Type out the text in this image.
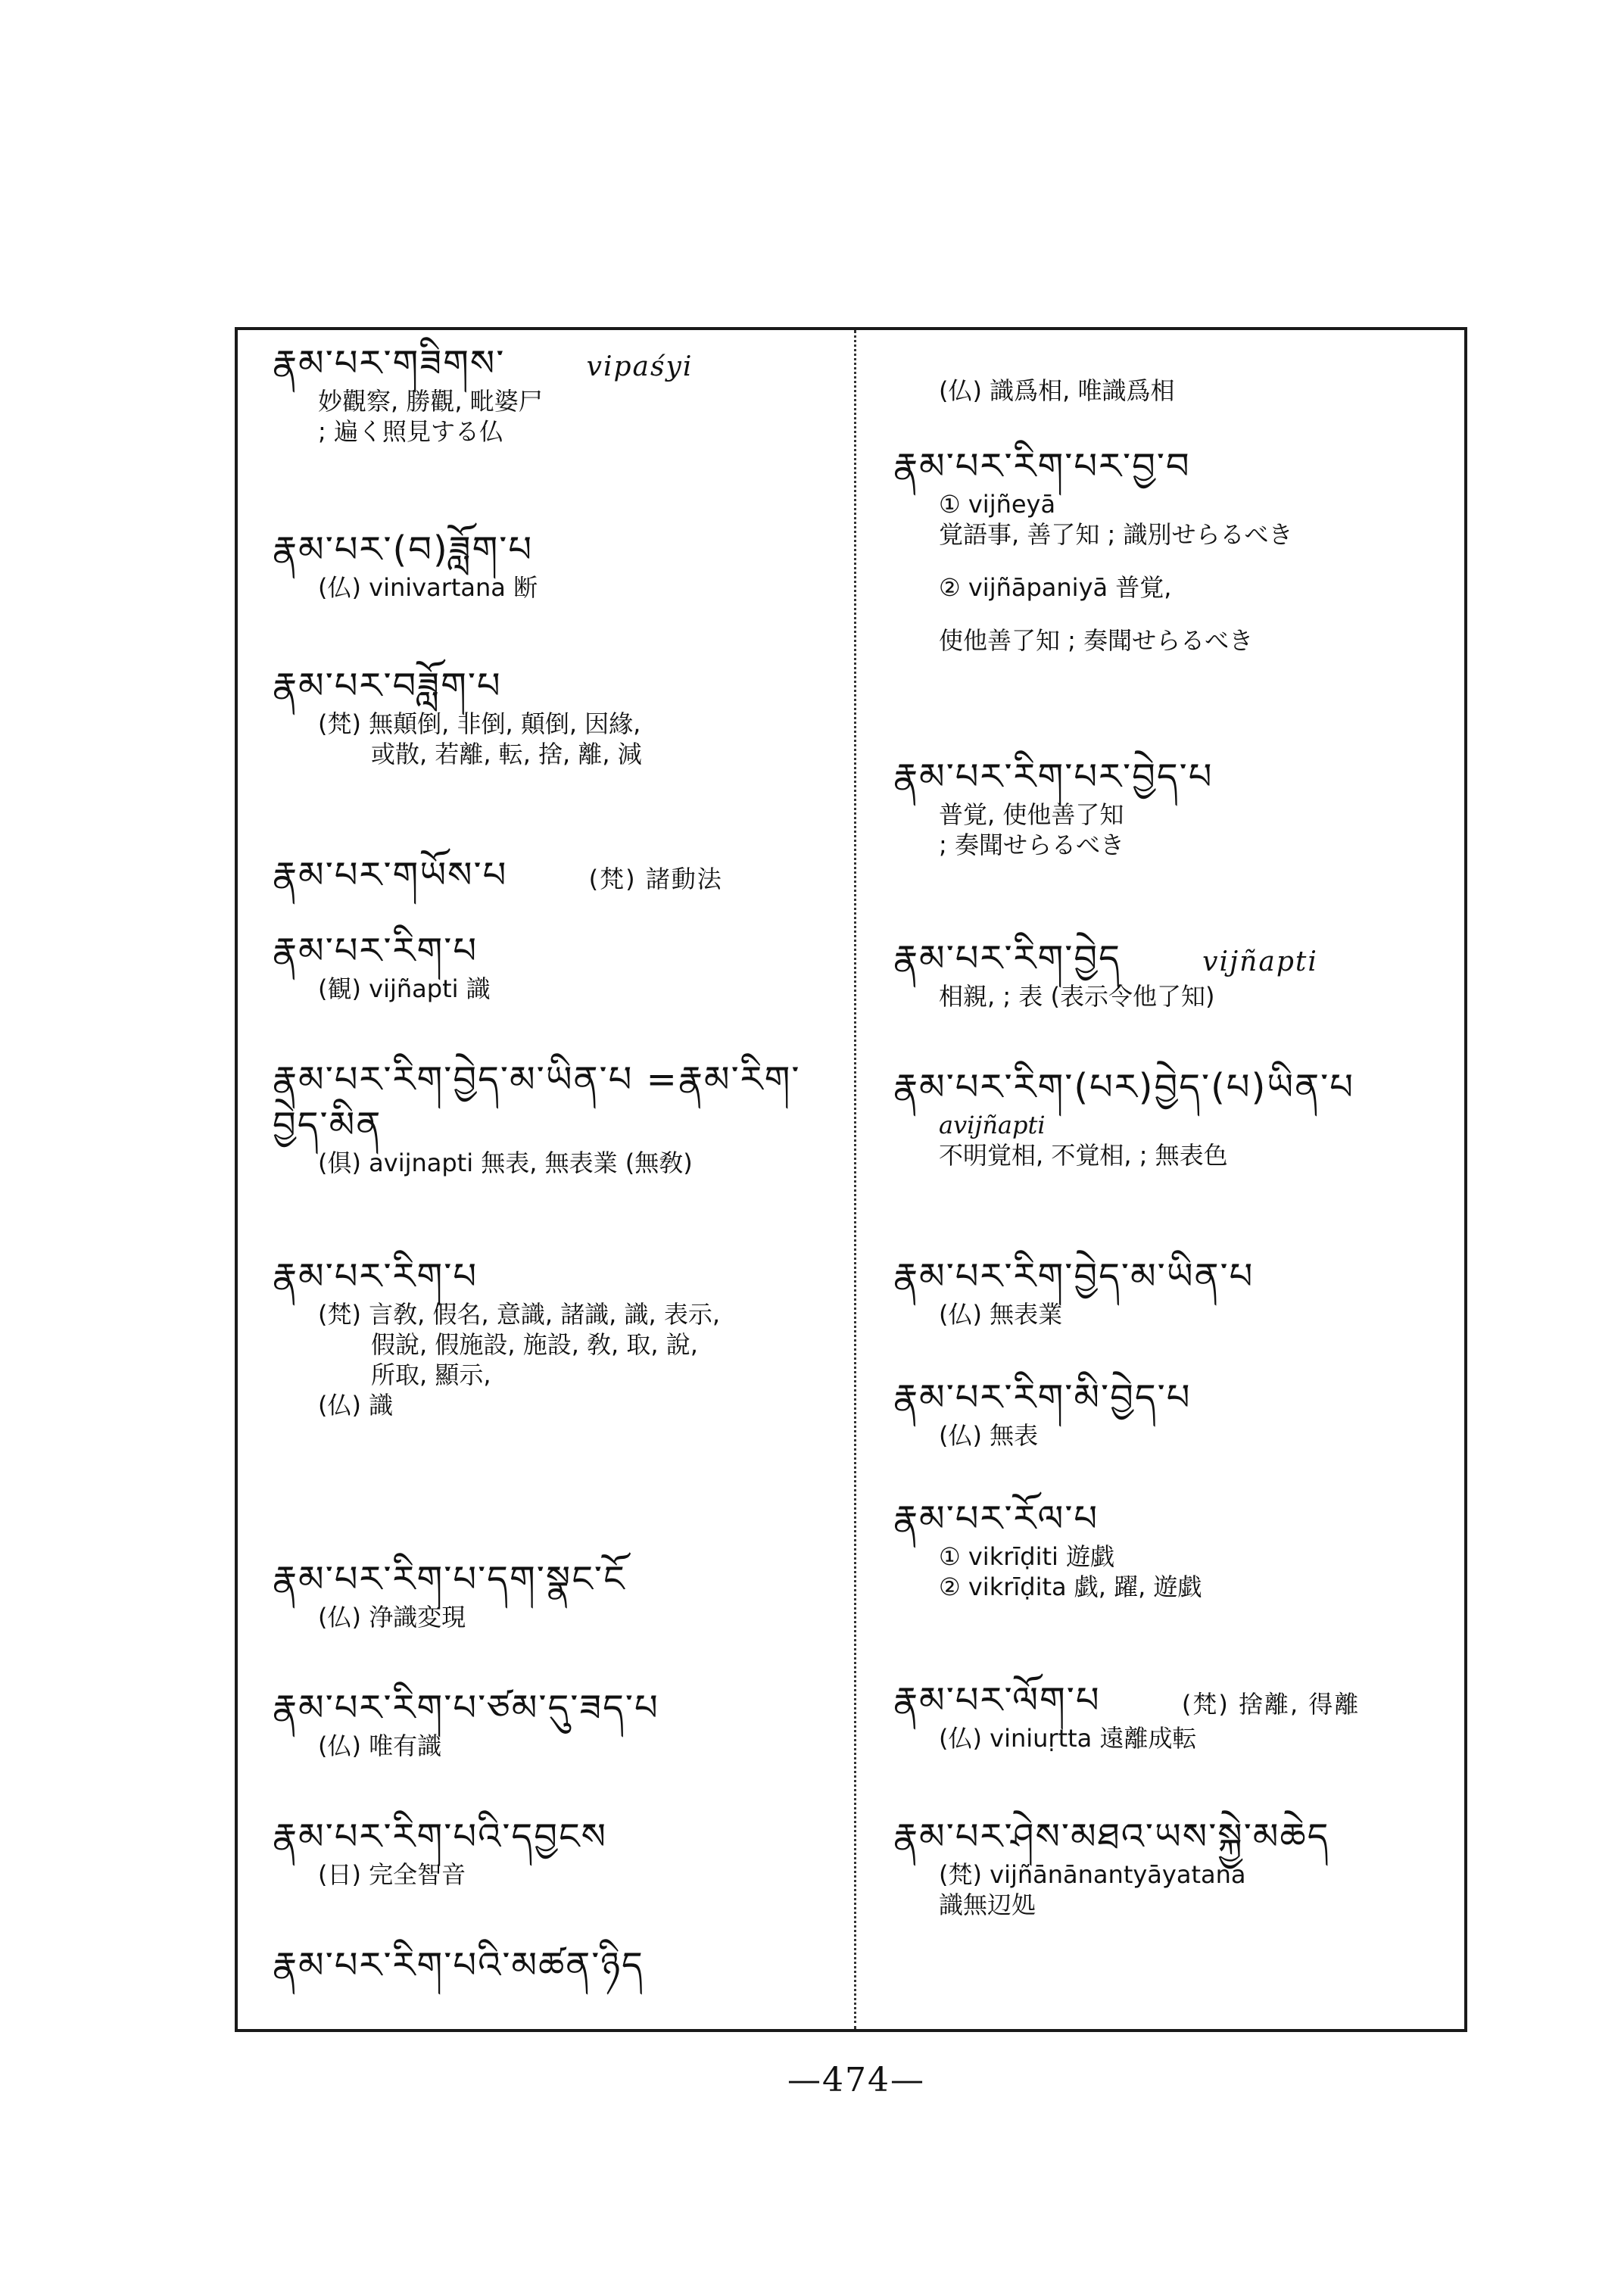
རྣམ་པར་གཟིགས་	vipaśyi
妙觀察, 勝觀, 毗婆尸
; 遍く照見する仏
རྣམ་པར་(བ)ཟློག་པ
(仏) vinivartana 断
རྣམ་པར་བཟློག་པ
(梵) 無顛倒, 非倒, 顛倒, 因緣,
或散, 若離, 転, 捨, 離, 減
རྣམ་པར་གཡོས་པ	(梵) 諸動法
རྣམ་པར་རིག་པ
(観) vijñapti 識
རྣམ་པར་རིག་བྱེད་མ་ཡིན་པ =རྣམ་རིག་
བྱེད་མིན
(俱) avijnapti 無表, 無表業 (無敎)
རྣམ་པར་རིག་པ
(梵) 言敎, 假名, 意識, 諸識, 識, 表示,
假說, 假施設, 施設, 敎, 取, 說,
所取, 顯示,
(仏) 識
རྣམ་པར་རིག་པ་དག་སྣང་ངོ
(仏) 浄識変現
རྣམ་པར་རིག་པ་ཙམ་དུ་ཟད་པ
(仏) 唯有識
རྣམ་པར་རིག་པའི་དབྱངས
(日) 完全智音
རྣམ་པར་རིག་པའི་མཚན་ཉིད
(仏) 識爲相, 唯識爲相
རྣམ་པར་རིག་པར་བྱ་བ
① vijñeyā
覚語事, 善了知 ; 識別せらるべき
② vijñāpaniyā 普覚,
使他善了知 ; 奏聞せらるべき
རྣམ་པར་རིག་པར་བྱེད་པ
普覚, 使他善了知
; 奏聞せらるべき
རྣམ་པར་རིག་བྱེད	vijñapti
相親, ; 表 (表示令他了知)
རྣམ་པར་རིག་(པར)བྱེད་(པ)ཡིན་པ
avijñapti
不明覚相, 不覚相, ; 無表色
རྣམ་པར་རིག་བྱེད་མ་ཡིན་པ
(仏) 無表業
རྣམ་པར་རིག་མི་བྱེད་པ
(仏) 無表
རྣམ་པར་རོལ་པ
① vikrīḍiti 遊戯
② vikrīḍita 戯, 躍, 遊戯
རྣམ་པར་ལོག་པ	(梵) 捨離, 得離
(仏) viniuṛtta 遠離成転
རྣམ་པར་ཤེས་མཐའ་ཡས་སྐྱེ་མཆེད
(梵) vijñānānantyāyatana
識無辺処
—474—
